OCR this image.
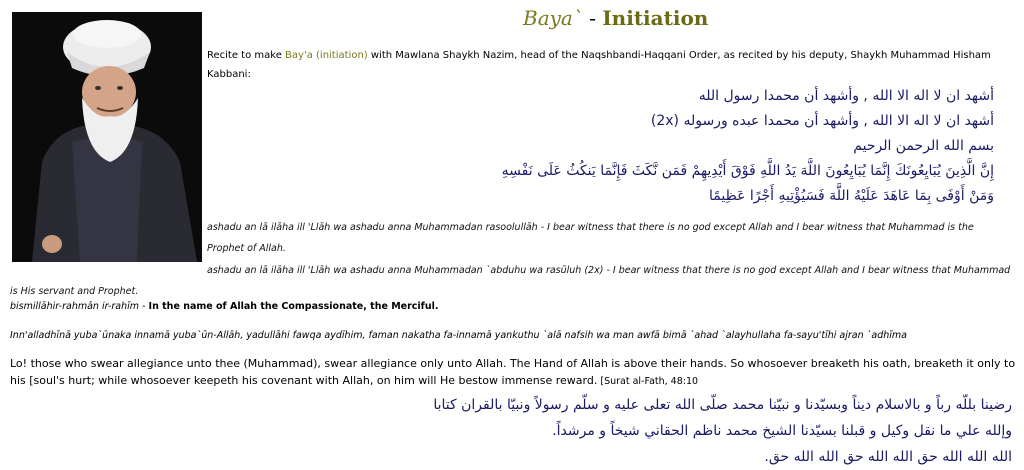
Baya` - Initiation
Recite to make Bay'a (initiation) with Mawlana Shaykh Nazim, head of the Naqshbandi-Haqqani Order, as recited by his deputy, Shaykh Muhammad Hisham Kabbani:
أشهد ان لا اله الا الله , وأشهد أن محمدا رسول الله
أشهد ان لا اله الا الله , وأشهد أن محمدا عبده ورسوله (2x)
بسم الله الرحمن الرحيم
إِنَّ الَّذِينَ يُبَايِعُونَكَ إِنَّمَا يُبَايِعُونَ اللَّهَ يَدُ اللَّهِ فَوْقَ أَيْدِيهِمْ فَمَن نَّكَثَ فَإِنَّمَا يَنكُثُ عَلَى نَفْسِهِ
وَمَنْ أَوْفَى بِمَا عَاهَدَ عَلَيْهُ اللَّهَ فَسَيُؤْتِيهِ أَجْرًا عَظِيمًا
ashadu an lā ilāha ill 'Llāh wa ashadu anna Muhammadan rasoolullāh - I bear witness that there is no god except Allah and I bear witness that Muhammad is the Prophet of Allah.
ashadu an lā ilāha ill 'Llāh wa ashadu anna Muhammadan `abduhu wa rasūluh (2x) - I bear witness that there is no god except Allah and I bear witness that Muhammad is His servant and Prophet.
bismillāhir-rahmān ir-rahīm - In the name of Allah the Compassionate, the Merciful.
Inn'alladhīnā yuba`ūnaka innamā yuba`ūn-Allāh, yadullāhi fawqa aydīhim, faman nakatha fa-innamā yankuthu `alā nafsih wa man awfā bimā `ahad `alayhullaha fa-sayu'tīhi ajran `adhīma
Lo! those who swear allegiance unto thee (Muhammad), swear allegiance only unto Allah. The Hand of Allah is above their hands. So whosoever breaketh his oath, breaketh it only to his [soul's hurt; while whosoever keepeth his covenant with Allah, on him will He bestow immense reward. [Surat al-Fath, 48:10
رضينا بللّه رباً و بالاسلام ديناً وبسيّدنا و نبيّنا محمد صلّى الله تعلى عليه و سلّم رسولاً ونبيّا بالقران كتابا
وإلله علي ما نقل وكيل و قبلنا بسيّدنا الشيخ محمد ناظم الحقاني شيخاً و مرشداً.
الله الله الله حق الله الله حق الله الله حق.
